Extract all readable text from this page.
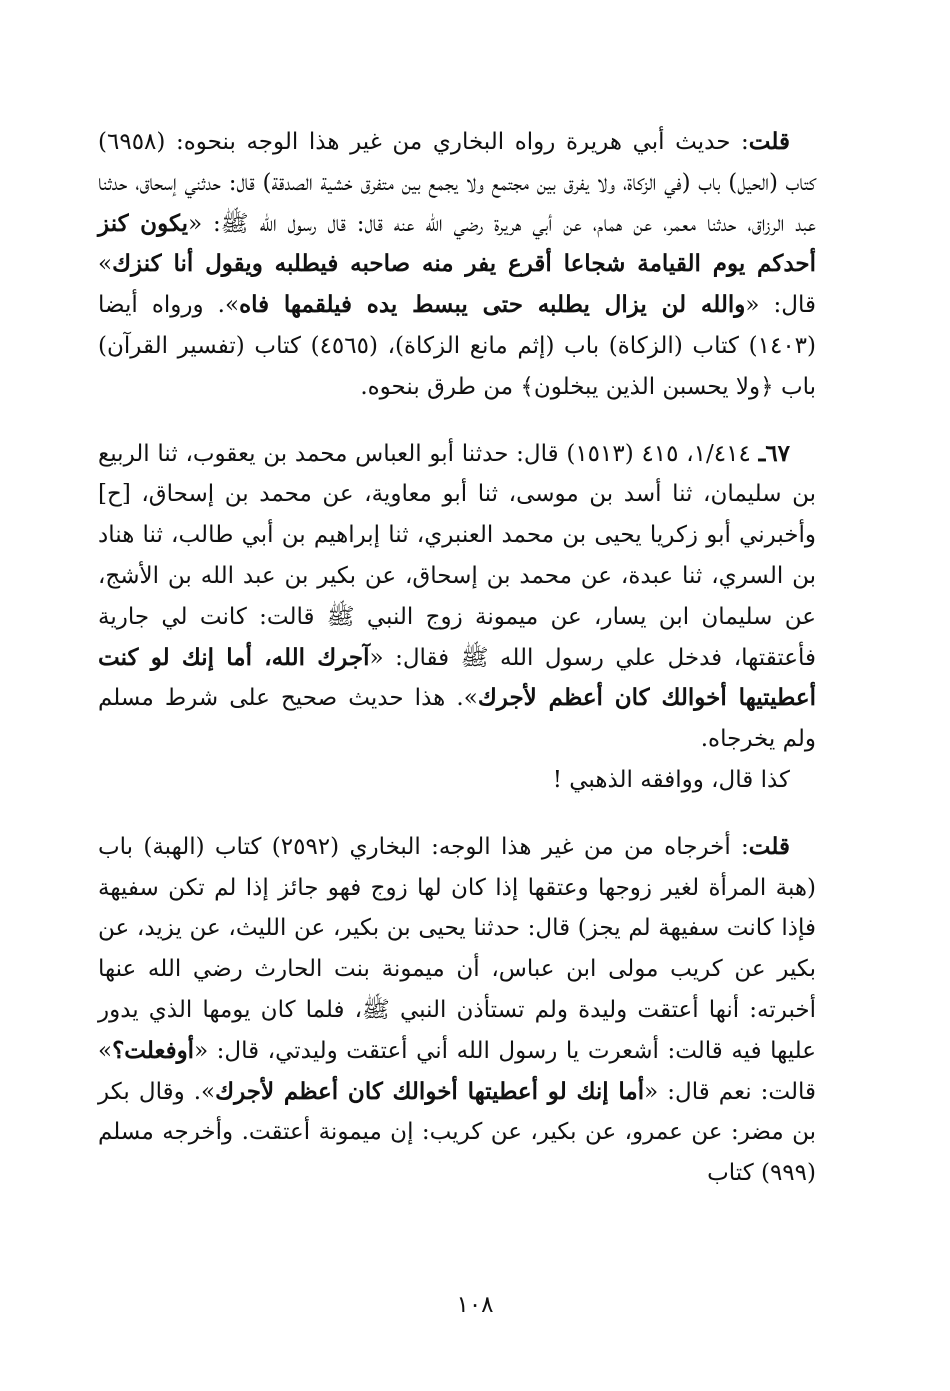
قلت: حديث أبي هريرة رواه البخاري من غير هذا الوجه بنحوه: (٦٩٥٨) كتاب (الحيل) باب (في الزكاة، ولا يفرق بين مجتمع ولا يجمع بين متفرق خشية الصدقة) قال: حدثني إسحاق، حدثنا عبد الرزاق، حدثنا معمر، عن همام، عن أبي هريرة رضي الله عنه قال: قال رسول الله ﷺ: «يكون كنز أحدكم يوم القيامة شجاعا أقرع يفر منه صاحبه فيطلبه ويقول أنا كنزك» قال: «والله لن يزال يطلبه حتى يبسط يده فيلقمها فاه». ورواه أيضا (١٤٠٣) كتاب (الزكاة) باب (إثم مانع الزكاة)، (٤٥٦٥) كتاب (تفسير القرآن) باب ﴿ولا يحسبن الذين يبخلون﴾ من طرق بنحوه.

٦٧ـ ١/٤١٤، ٤١٥ (١٥١٣) قال: حدثنا أبو العباس محمد بن يعقوب، ثنا الربيع بن سليمان، ثنا أسد بن موسى، ثنا أبو معاوية، عن محمد بن إسحاق، [ح] وأخبرني أبو زكريا يحيى بن محمد العنبري، ثنا إبراهيم بن أبي طالب، ثنا هناد بن السري، ثنا عبدة، عن محمد بن إسحاق، عن بكير بن عبد الله بن الأشج، عن سليمان ابن يسار، عن ميمونة زوج النبي ﷺ قالت: كانت لي جارية فأعتقتها، فدخل علي رسول الله ﷺ فقال: «آجرك الله، أما إنك لو كنت أعطيتيها أخوالك كان أعظم لأجرك». هذا حديث صحيح على شرط مسلم ولم يخرجاه.

كذا قال، ووافقه الذهبي !

قلت: أخرجاه من من غير هذا الوجه: البخاري (٢٥٩٢) كتاب (الهبة) باب (هبة المرأة لغير زوجها وعتقها إذا كان لها زوج فهو جائز إذا لم تكن سفيهة فإذا كانت سفيهة لم يجز) قال: حدثنا يحيى بن بكير، عن الليث، عن يزيد، عن بكير عن كريب مولى ابن عباس، أن ميمونة بنت الحارث رضي الله عنها أخبرته: أنها أعتقت وليدة ولم تستأذن النبي ﷺ، فلما كان يومها الذي يدور عليها فيه قالت: أشعرت يا رسول الله أني أعتقت وليدتي، قال: «أوفعلت؟» قالت: نعم قال: «أما إنك لو أعطيتها أخوالك كان أعظم لأجرك». وقال بكر بن مضر: عن عمرو، عن بكير، عن كريب: إن ميمونة أعتقت. وأخرجه مسلم (٩٩٩) كتاب

١٠٨
